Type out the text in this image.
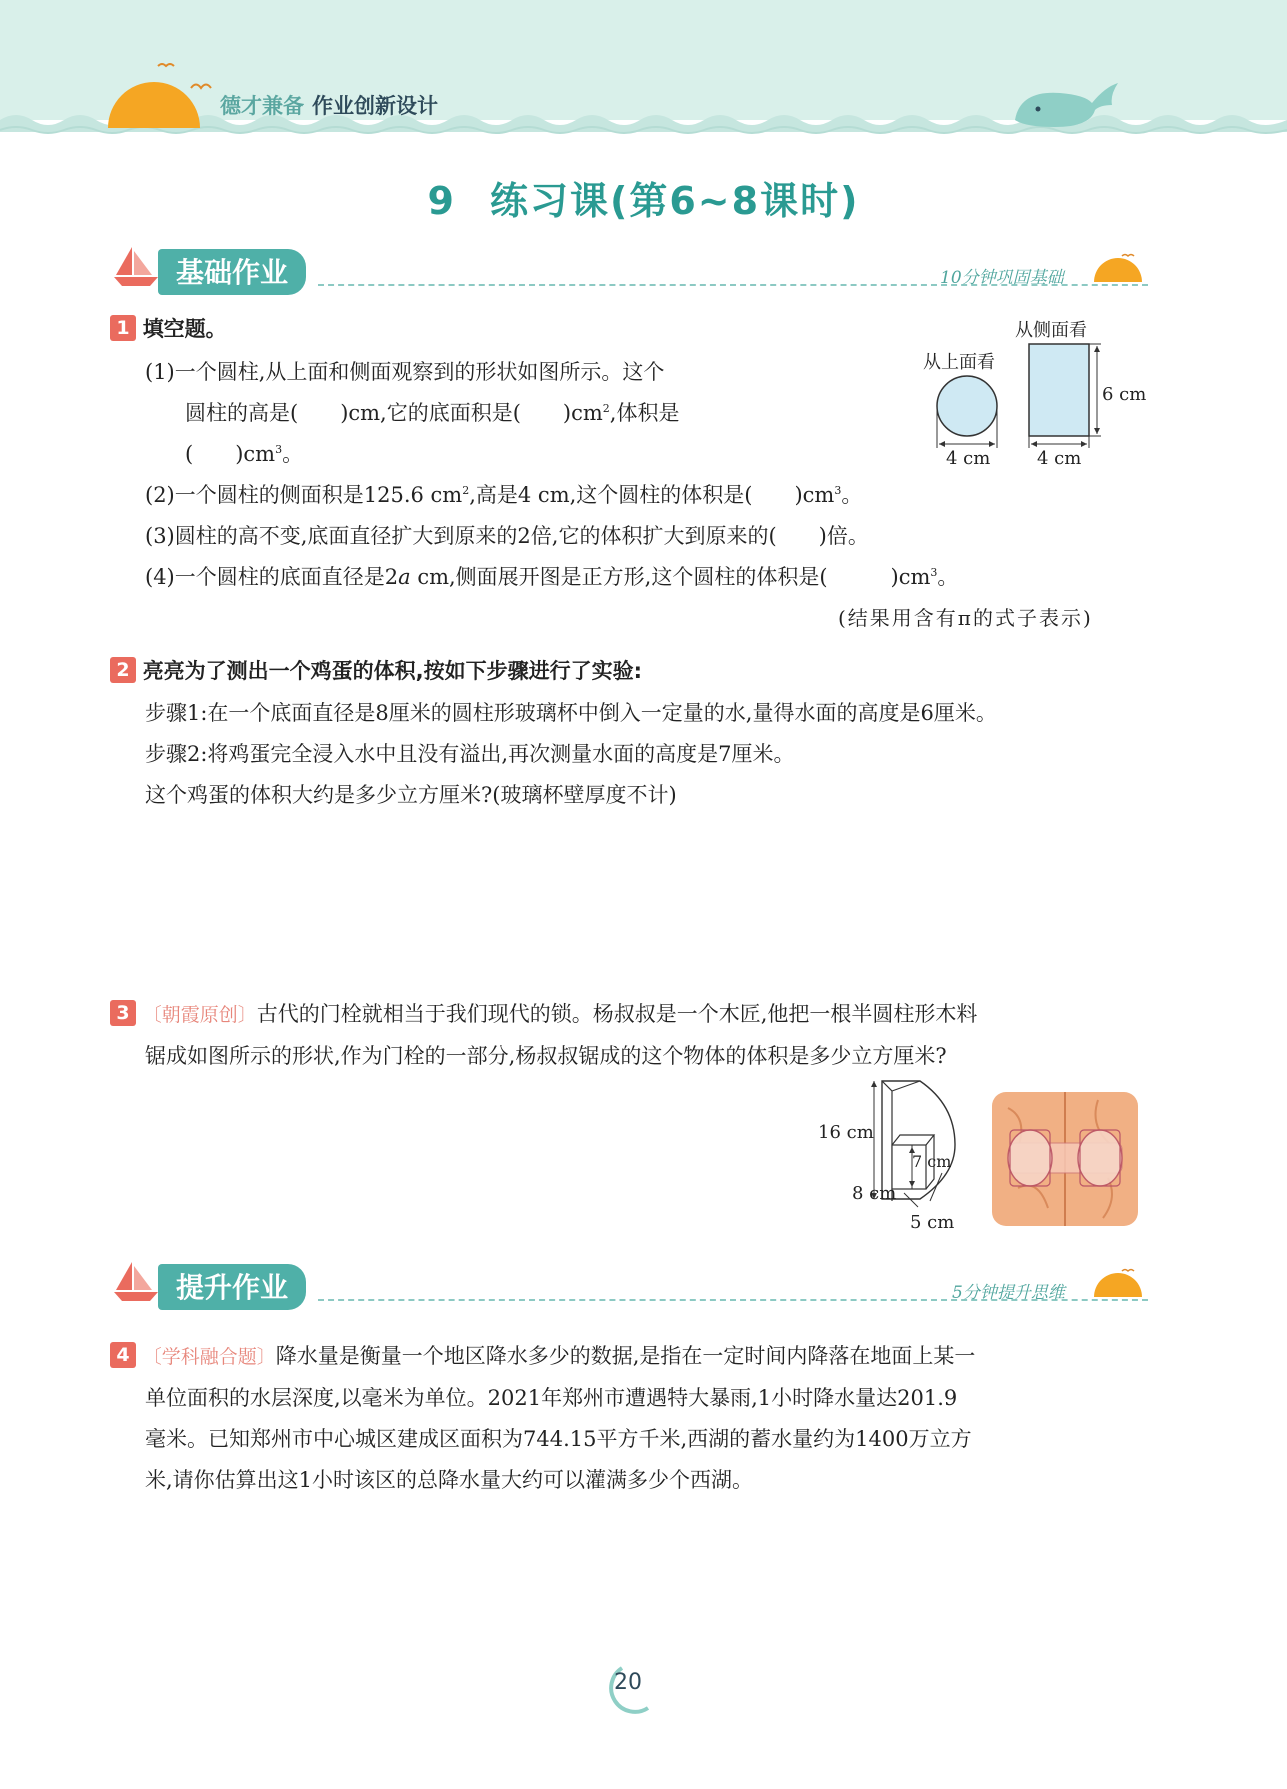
德才兼备 作业创新设计
9 练习课(第6~8课时)
基础作业	10分钟巩固基础
1 填空题。
(1)一个圆柱,从上面和侧面观察到的形状如图所示。这个
圆柱的高是(　　)cm,它的底面积是(　　)$cm^2$,体积是
(　　)$cm^3$。
从上面看
从侧面看
4 cm	4 cm
6 cm
(2)一个圆柱的侧面积是125.6 $cm^2$,高是4 cm,这个圆柱的体积是(　　)$cm^3$。
(3)圆柱的高不变,底面直径扩大到原来的2倍,它的体积扩大到原来的(　　)倍。
(4)一个圆柱的底面直径是2a cm,侧面展开图是正方形,这个圆柱的体积是(　　　)$cm^3$。
(结果用含有π的式子表示)
2 亮亮为了测出一个鸡蛋的体积,按如下步骤进行了实验:
步骤1:在一个底面直径是8厘米的圆柱形玻璃杯中倒入一定量的水,量得水面的高度是6厘米。
步骤2:将鸡蛋完全浸入水中且没有溢出,再次测量水面的高度是7厘米。
这个鸡蛋的体积大约是多少立方厘米?(玻璃杯壁厚度不计)
3 〔朝霞原创〕古代的门栓就相当于我们现代的锁。杨叔叔是一个木匠,他把一根半圆柱形木料
锯成如图所示的形状,作为门栓的一部分,杨叔叔锯成的这个物体的体积是多少立方厘米?
16 cm
7 cm
8 cm
5 cm
提升作业	5分钟提升思维
4 〔学科融合题〕降水量是衡量一个地区降水多少的数据,是指在一定时间内降落在地面上某一
单位面积的水层深度,以毫米为单位。2021年郑州市遭遇特大暴雨,1小时降水量达201.9
毫米。已知郑州市中心城区建成区面积为744.15平方千米,西湖的蓄水量约为1400万立方
米,请你估算出这1小时该区的总降水量大约可以灌满多少个西湖。
20
